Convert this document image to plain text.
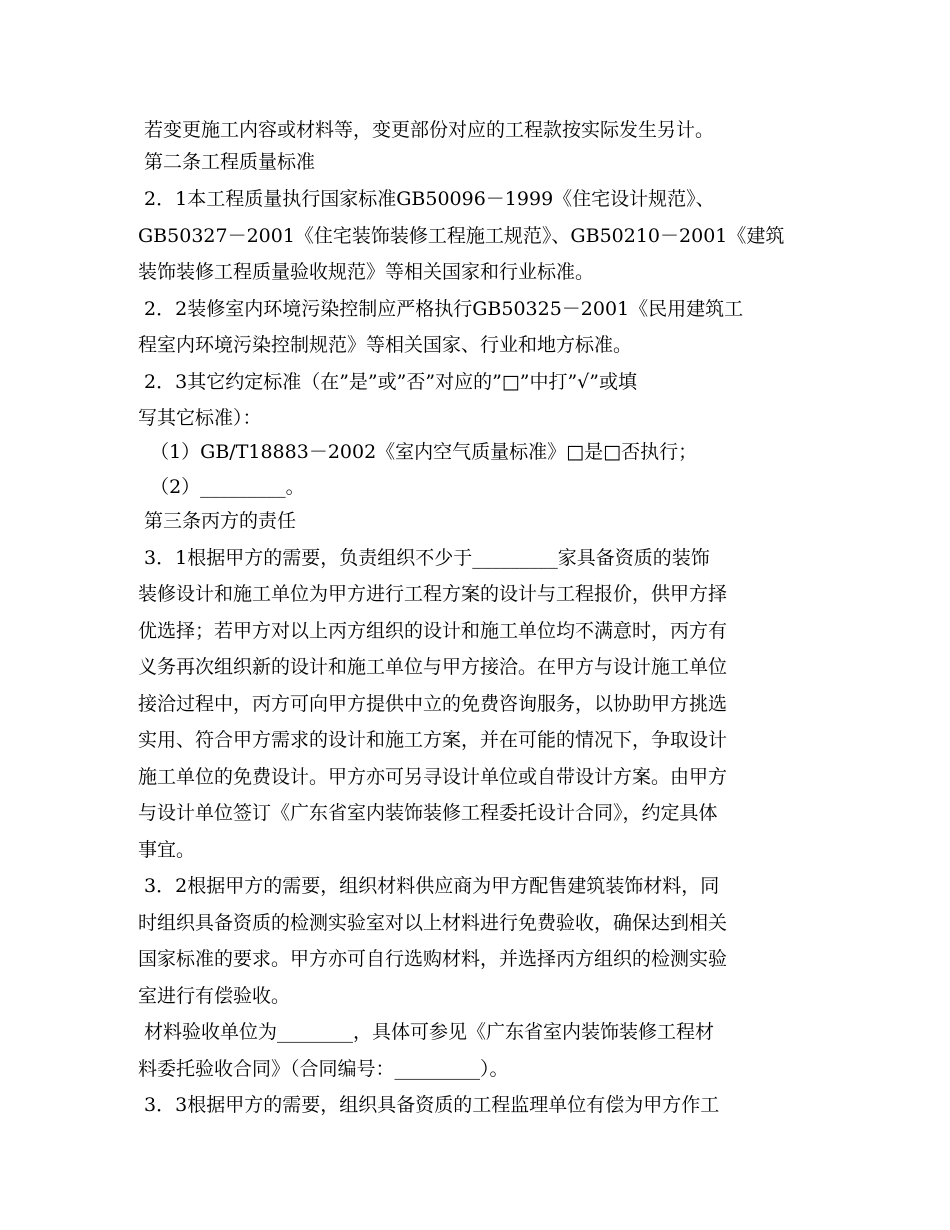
若变更施工内容或材料等，变更部份对应的工程款按实际发生另计。
第二条工程质量标准
2．1本工程质量执行国家标准GB50096－1999《住宅设计规范》、
GB50327－2001《住宅装饰装修工程施工规范》、GB50210－2001《建筑
装饰装修工程质量验收规范》等相关国家和行业标准。
2．2装修室内环境污染控制应严格执行GB50325－2001《民用建筑工
程室内环境污染控制规范》等相关国家、行业和地方标准。
2．3其它约定标准（在”是”或”否”对应的”□”中打”√”或填
写其它标准）：
（1）GB/T18883－2002《室内空气质量标准》□是□否执行；
（2）_________。
第三条丙方的责任
3．1根据甲方的需要，负责组织不少于_________家具备资质的装饰
装修设计和施工单位为甲方进行工程方案的设计与工程报价，供甲方择
优选择；若甲方对以上丙方组织的设计和施工单位均不满意时，丙方有
义务再次组织新的设计和施工单位与甲方接洽。在甲方与设计施工单位
接洽过程中，丙方可向甲方提供中立的免费咨询服务，以协助甲方挑选
实用、符合甲方需求的设计和施工方案，并在可能的情况下，争取设计
施工单位的免费设计。甲方亦可另寻设计单位或自带设计方案。由甲方
与设计单位签订《广东省室内装饰装修工程委托设计合同》，约定具体
事宜。
3．2根据甲方的需要，组织材料供应商为甲方配售建筑装饰材料，同
时组织具备资质的检测实验室对以上材料进行免费验收，确保达到相关
国家标准的要求。甲方亦可自行选购材料，并选择丙方组织的检测实验
室进行有偿验收。
材料验收单位为________，具体可参见《广东省室内装饰装修工程材
料委托验收合同》（合同编号：_________）。
3．3根据甲方的需要，组织具备资质的工程监理单位有偿为甲方作工
